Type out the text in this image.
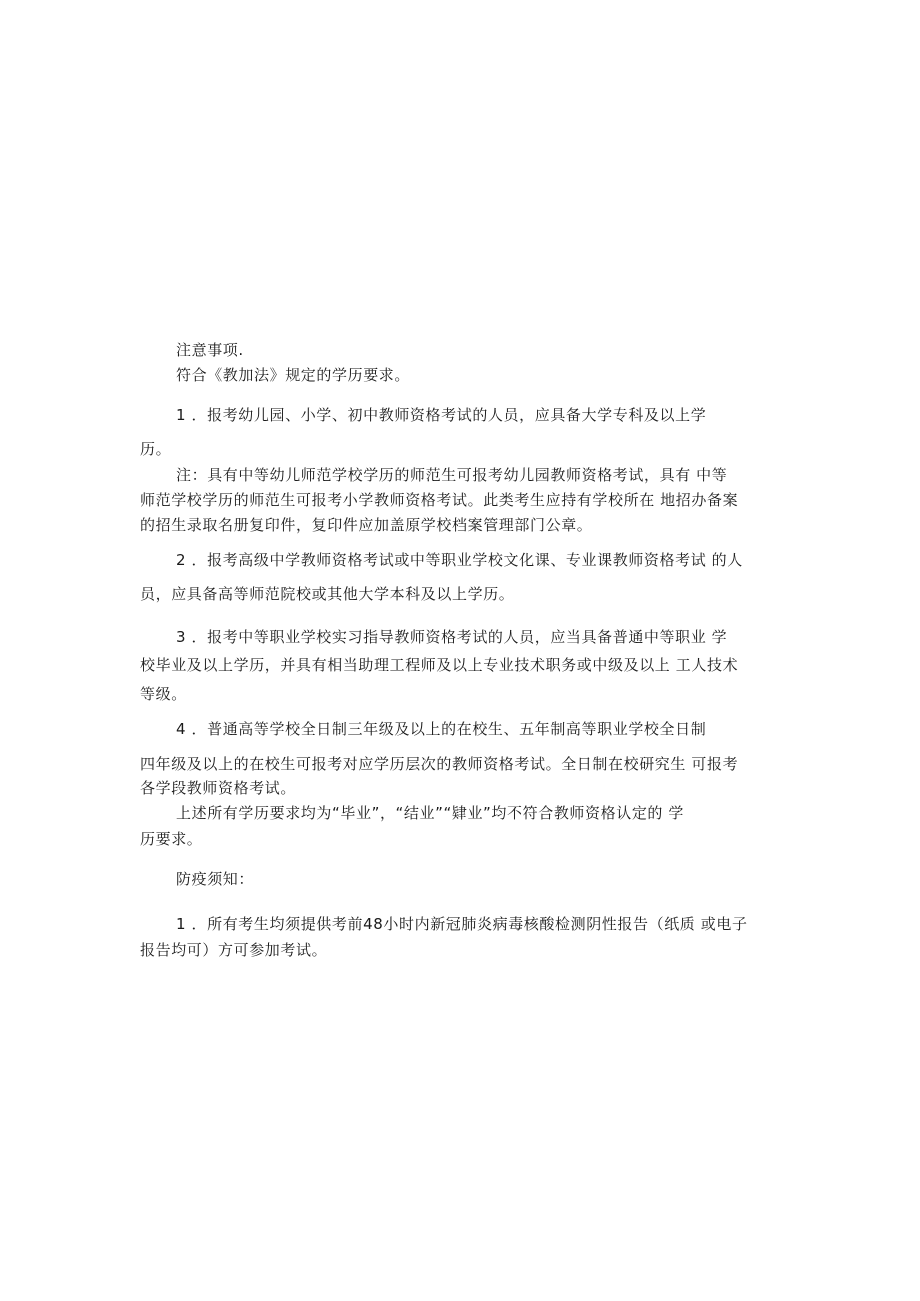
注意事项.
符合《教加法》规定的学历要求。
1 ．报考幼儿园、小学、初中教师资格考试的人员，应具备大学专科及以上学
历。
注：具有中等幼儿师范学校学历的师范生可报考幼儿园教师资格考试，具有 中等
师范学校学历的师范生可报考小学教师资格考试。此类考生应持有学校所在 地招办备案
的招生录取名册复印件，复印件应加盖原学校档案管理部门公章。
2 ．报考高级中学教师资格考试或中等职业学校文化课、专业课教师资格考试 的人
员，应具备高等师范院校或其他大学本科及以上学历。
3 ．报考中等职业学校实习指导教师资格考试的人员，应当具备普通中等职业 学
校毕业及以上学历，并具有相当助理工程师及以上专业技术职务或中级及以上 工人技术
等级。
4 ．普通高等学校全日制三年级及以上的在校生、五年制高等职业学校全日制
四年级及以上的在校生可报考对应学历层次的教师资格考试。全日制在校研究生 可报考
各学段教师资格考试。
上述所有学历要求均为“毕业”，“结业”“肄业”均不符合教师资格认定的 学
历要求。
防疫须知：
1 ．所有考生均须提供考前48小时内新冠肺炎病毒核酸检测阴性报告（纸质 或电子
报告均可）方可参加考试。
